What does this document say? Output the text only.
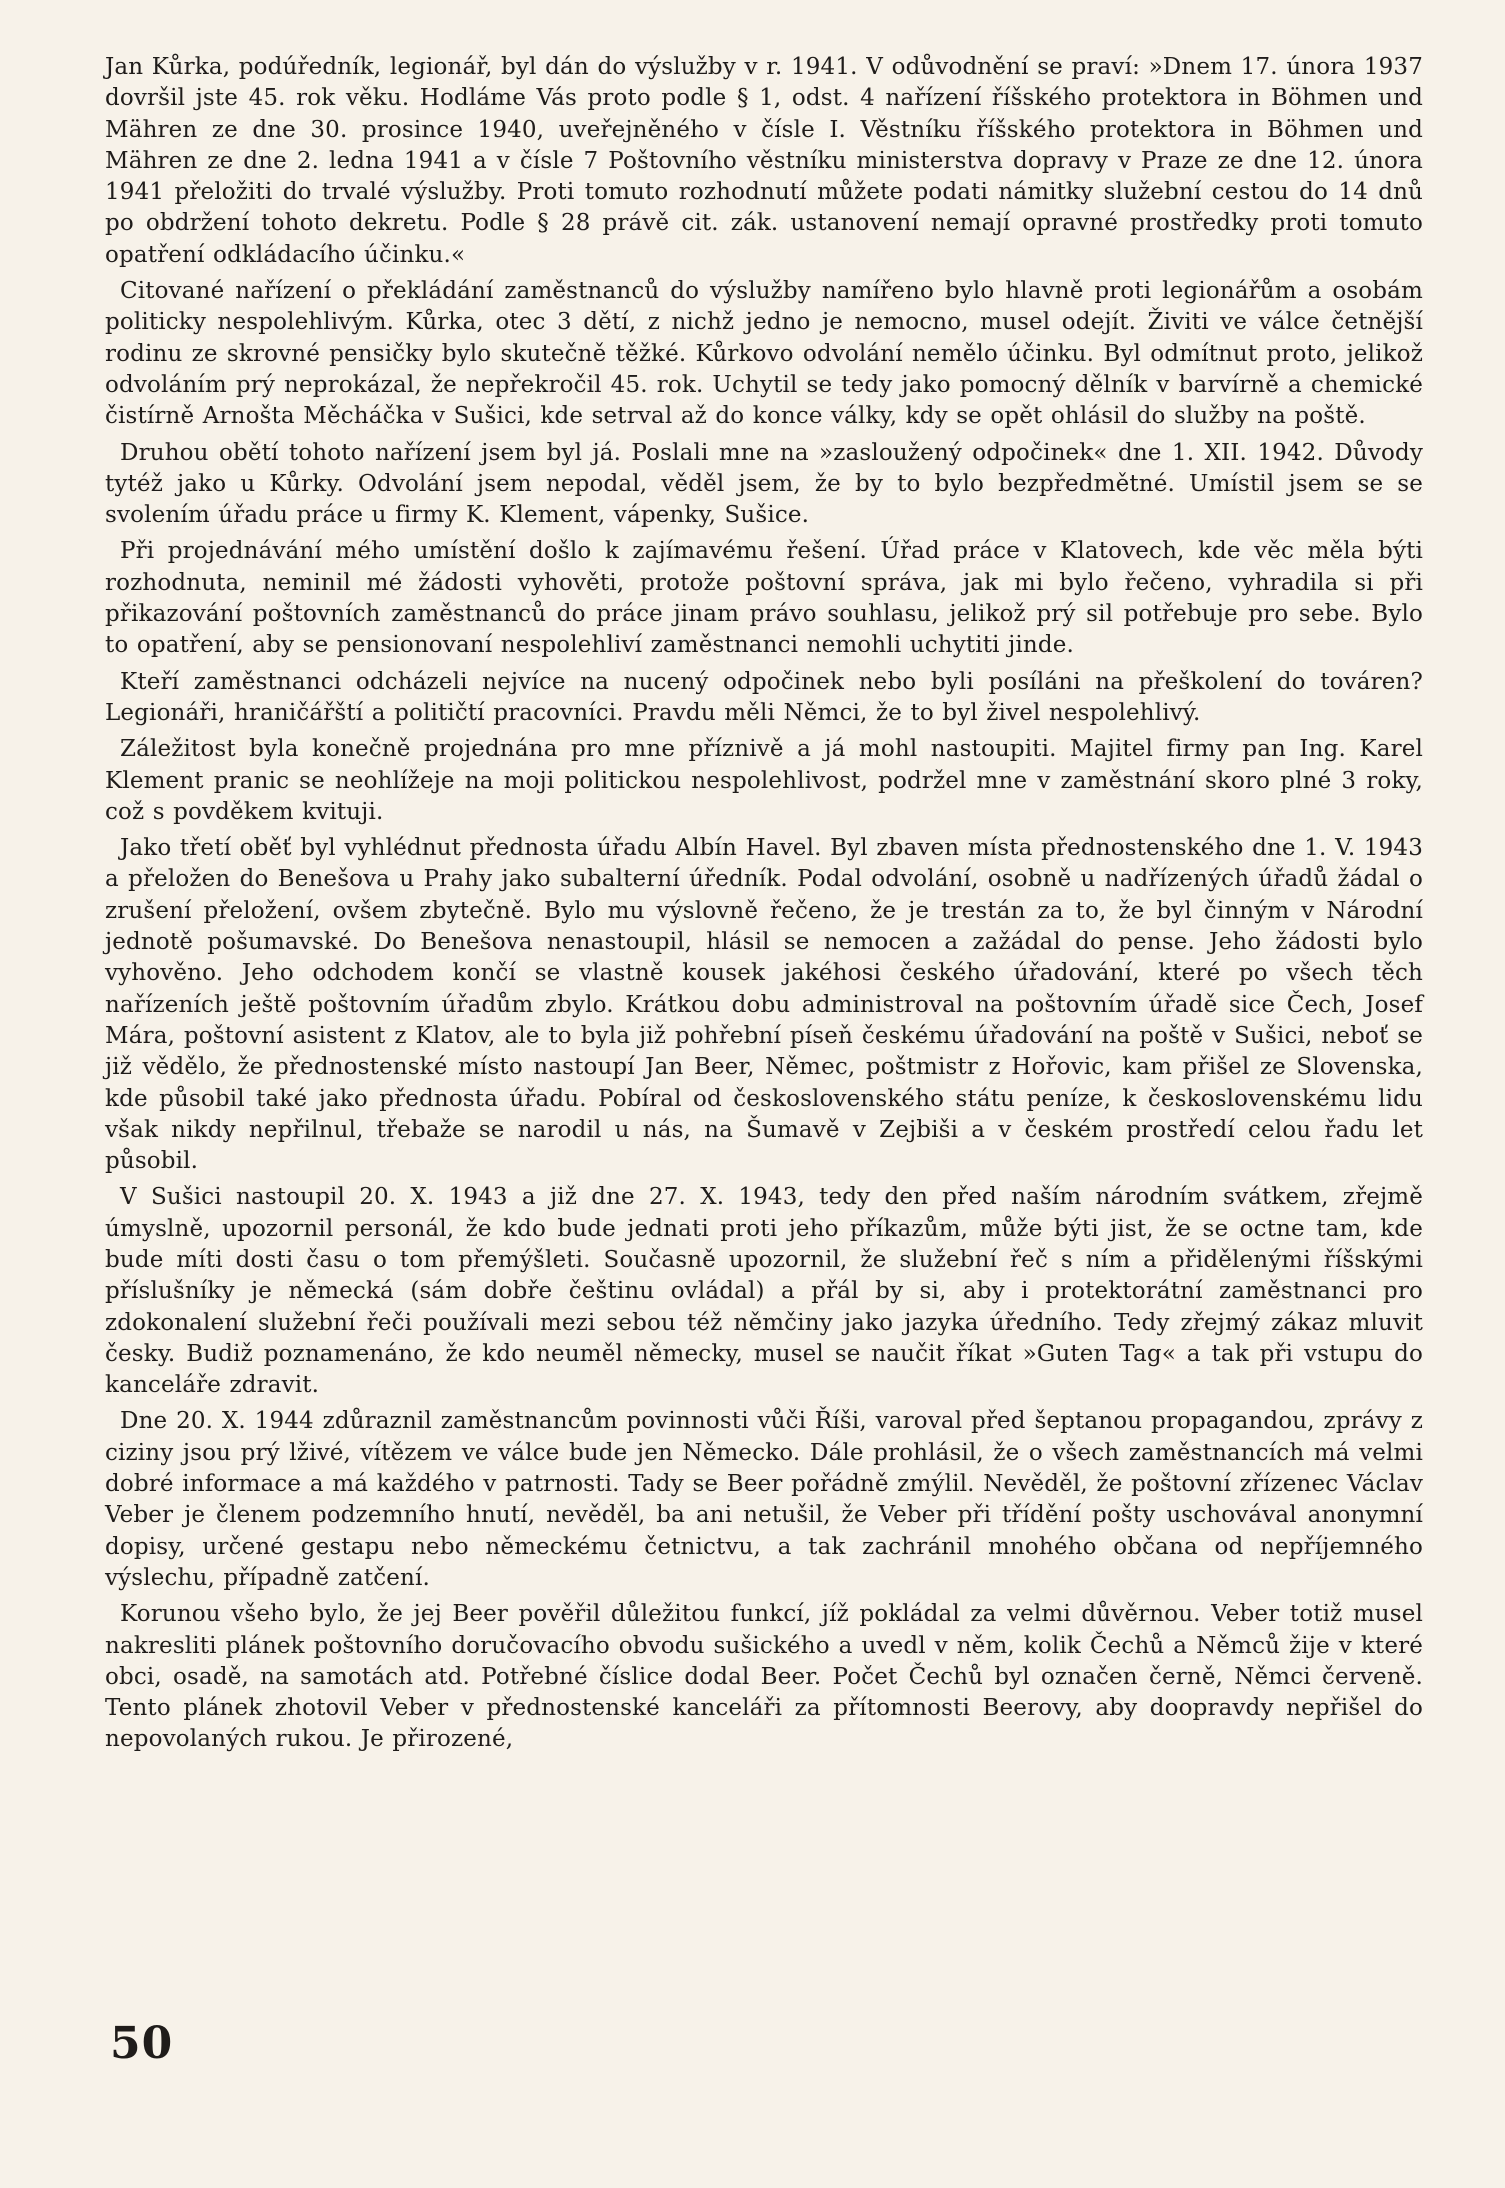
Jan Kůrka, podúředník, legionář, byl dán do výslužby v r. 1941. V odůvodnění se praví: »Dnem 17. února 1937 dovršil jste 45. rok věku. Hodláme Vás proto podle § 1, odst. 4 nařízení říšského protektora in Böhmen und Mähren ze dne 30. prosince 1940, uveřejněného v čísle I. Věstníku říšského protektora in Böhmen und Mähren ze dne 2. ledna 1941 a v čísle 7 Poštovního věstníku ministerstva dopravy v Praze ze dne 12. února 1941 přeložiti do trvalé výslužby. Proti tomuto rozhodnutí můžete podati námitky služební cestou do 14 dnů po obdržení tohoto dekretu. Podle § 28 právě cit. zák. ustanovení nemají opravné prostředky proti tomuto opatření odkládacího účinku.«

Citované nařízení o překládání zaměstnanců do výslužby namířeno bylo hlavně proti legionářům a osobám politicky nespolehlivým. Kůrka, otec 3 dětí, z nichž jedno je nemocno, musel odejít. Živiti ve válce četnější rodinu ze skrovné pensičky bylo skutečně těžké. Kůrkovo odvolání nemělo účinku. Byl odmítnut proto, jelikož odvoláním prý neprokázal, že nepřekročil 45. rok. Uchytil se tedy jako pomocný dělník v barvírně a chemické čistírně Arnošta Měcháčka v Sušici, kde setrval až do konce války, kdy se opět ohlásil do služby na poště.

Druhou obětí tohoto nařízení jsem byl já. Poslali mne na »zasloužený odpočinek« dne 1. XII. 1942. Důvody tytéž jako u Kůrky. Odvolání jsem nepodal, věděl jsem, že by to bylo bezpředmětné. Umístil jsem se se svolením úřadu práce u firmy K. Klement, vápenky, Sušice.

Při projednávání mého umístění došlo k zajímavému řešení. Úřad práce v Klatovech, kde věc měla býti rozhodnuta, neminil mé žádosti vyhověti, protože poštovní správa, jak mi bylo řečeno, vyhradila si při přikazování poštovních zaměstnanců do práce jinam právo souhlasu, jelikož prý sil potřebuje pro sebe. Bylo to opatření, aby se pensionovaní nespolehliví zaměstnanci nemohli uchytiti jinde.

Kteří zaměstnanci odcházeli nejvíce na nucený odpočinek nebo byli posíláni na přeškolení do továren? Legionáři, hraničářští a političtí pracovníci. Pravdu měli Němci, že to byl živel nespolehlivý.

Záležitost byla konečně projednána pro mne příznivě a já mohl nastoupiti. Majitel firmy pan Ing. Karel Klement pranic se neohlížeje na moji politickou nespolehlivost, podržel mne v zaměstnání skoro plné 3 roky, což s povděkem kvituji.

Jako třetí oběť byl vyhlédnut přednosta úřadu Albín Havel. Byl zbaven místa přednostenského dne 1. V. 1943 a přeložen do Benešova u Prahy jako subalterní úředník. Podal odvolání, osobně u nadřízených úřadů žádal o zrušení přeložení, ovšem zbytečně. Bylo mu výslovně řečeno, že je trestán za to, že byl činným v Národní jednotě pošumavské. Do Benešova nenastoupil, hlásil se nemocen a zažádal do pense. Jeho žádosti bylo vyhověno. Jeho odchodem končí se vlastně kousek jakéhosi českého úřadování, které po všech těch nařízeních ještě poštovním úřadům zbylo. Krátkou dobu administroval na poštovním úřadě sice Čech, Josef Mára, poštovní asistent z Klatov, ale to byla již pohřební píseň českému úřadování na poště v Sušici, neboť se již vědělo, že přednostenské místo nastoupí Jan Beer, Němec, poštmistr z Hořovic, kam přišel ze Slovenska, kde působil také jako přednosta úřadu. Pobíral od československého státu peníze, k československému lidu však nikdy nepřilnul, třebaže se narodil u nás, na Šumavě v Zejbiši a v českém prostředí celou řadu let působil.

V Sušici nastoupil 20. X. 1943 a již dne 27. X. 1943, tedy den před naším národním svátkem, zřejmě úmyslně, upozornil personál, že kdo bude jednati proti jeho příkazům, může býti jist, že se octne tam, kde bude míti dosti času o tom přemýšleti. Současně upozornil, že služební řeč s ním a přidělenými říšskými příslušníky je německá (sám dobře češtinu ovládal) a přál by si, aby i protektorátní zaměstnanci pro zdokonalení služební řeči používali mezi sebou též němčiny jako jazyka úředního. Tedy zřejmý zákaz mluvit česky. Budiž poznamenáno, že kdo neuměl německy, musel se naučit říkat »Guten Tag« a tak při vstupu do kanceláře zdravit.

Dne 20. X. 1944 zdůraznil zaměstnancům povinnosti vůči Říši, varoval před šeptanou propagandou, zprávy z ciziny jsou prý lživé, vítězem ve válce bude jen Německo. Dále prohlásil, že o všech zaměstnancích má velmi dobré informace a má každého v patrnosti. Tady se Beer pořádně zmýlil. Nevěděl, že poštovní zřízenec Václav Veber je členem podzemního hnutí, nevěděl, ba ani netušil, že Veber při třídění pošty uschovával anonymní dopisy, určené gestapu nebo německému četnictvu, a tak zachránil mnohého občana od nepříjemného výslechu, případně zatčení.

Korunou všeho bylo, že jej Beer pověřil důležitou funkcí, jíž pokládal za velmi důvěrnou. Veber totiž musel nakresliti plánek poštovního doručovacího obvodu sušického a uvedl v něm, kolik Čechů a Němců žije v které obci, osadě, na samotách atd. Potřebné číslice dodal Beer. Počet Čechů byl označen černě, Němci červeně. Tento plánek zhotovil Veber v přednostenské kanceláři za přítomnosti Beerovy, aby doopravdy nepřišel do nepovolaných rukou. Je přirozené,

50
